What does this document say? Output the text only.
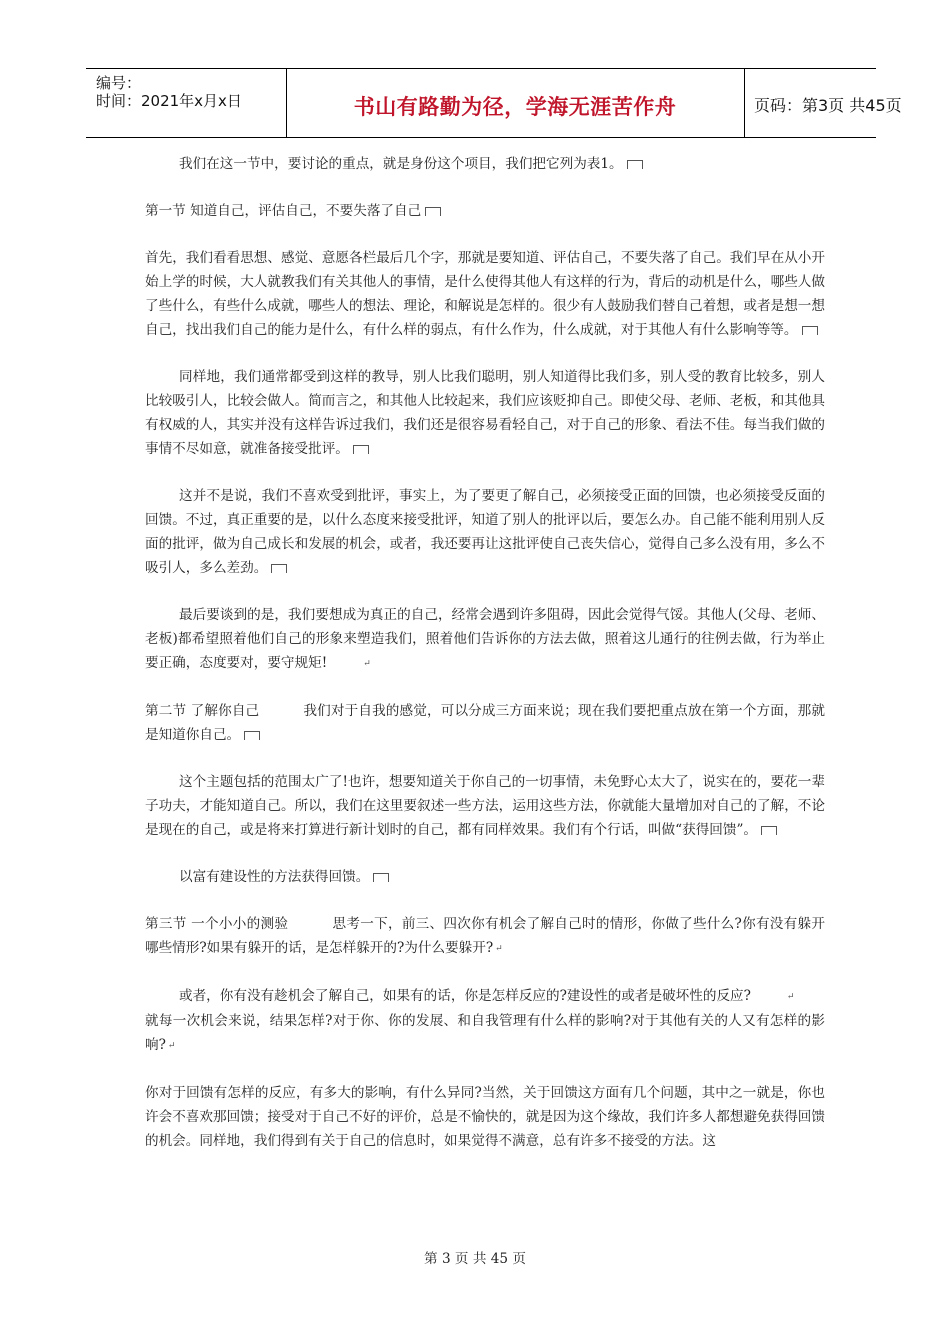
编号：
时间：2021年x月x日	书山有路勤为径，学海无涯苦作舟	页码：第3页 共45页

我们在这一节中，要讨论的重点，就是身份这个项目，我们把它列为表1。

第一节 知道自己，评估自己，不要失落了自己

首先，我们看看思想、感觉、意愿各栏最后几个字，那就是要知道、评估自己，不要失落了自己。我们早在从小开始上学的时候，大人就教我们有关其他人的事情，是什么使得其他人有这样的行为，背后的动机是什么，哪些人做了些什么，有些什么成就，哪些人的想法、理论，和解说是怎样的。很少有人鼓励我们替自己着想，或者是想一想自己，找出我们自己的能力是什么，有什么样的弱点，有什么作为，什么成就，对于其他人有什么影响等等。

同样地，我们通常都受到这样的教导，别人比我们聪明，别人知道得比我们多，别人受的教育比较多，别人比较吸引人，比较会做人。简而言之，和其他人比较起来，我们应该贬抑自己。即使父母、老师、老板，和其他具有权威的人，其实并没有这样告诉过我们，我们还是很容易看轻自己，对于自己的形象、看法不佳。每当我们做的事情不尽如意，就准备接受批评。

这并不是说，我们不喜欢受到批评，事实上，为了要更了解自己，必须接受正面的回馈，也必须接受反面的回馈。不过，真正重要的是，以什么态度来接受批评，知道了别人的批评以后，要怎么办。自己能不能利用别人反面的批评，做为自己成长和发展的机会，或者，我还要再让这批评使自己丧失信心，觉得自己多么没有用，多么不吸引人，多么差劲。

最后要谈到的是，我们要想成为真正的自己，经常会遇到许多阻碍，因此会觉得气馁。其他人(父母、老师、老板)都希望照着他们自己的形象来塑造我们，照着他们告诉你的方法去做，照着这儿通行的往例去做，行为举止要正确，态度要对，要守规矩!	↵

第二节 了解你自己	我们对于自我的感觉，可以分成三方面来说；现在我们要把重点放在第一个方面，那就是知道你自己。

这个主题包括的范围太广了!也许，想要知道关于你自己的一切事情，未免野心太大了，说实在的，要花一辈子功夫，才能知道自己。所以，我们在这里要叙述一些方法，运用这些方法，你就能大量增加对自己的了解，不论是现在的自己，或是将来打算进行新计划时的自己，都有同样效果。我们有个行话，叫做“获得回馈”。

以富有建设性的方法获得回馈。

第三节 一个小小的测验	思考一下，前三、四次你有机会了解自己时的情形，你做了些什么?你有没有躲开哪些情形?如果有躲开的话，是怎样躲开的?为什么要躲开? ↵

或者，你有没有趁机会了解自己，如果有的话，你是怎样反应的?建设性的或者是破坏性的反应?	↵

就每一次机会来说，结果怎样?对于你、你的发展、和自我管理有什么样的影响?对于其他有关的人又有怎样的影响? ↵

你对于回馈有怎样的反应，有多大的影响，有什么异同?当然，关于回馈这方面有几个问题，其中之一就是，你也许会不喜欢那回馈；接受对于自己不好的评价，总是不愉快的，就是因为这个缘故，我们许多人都想避免获得回馈的机会。同样地，我们得到有关于自己的信息时，如果觉得不满意，总有许多不接受的方法。这

第 3 页 共 45 页
